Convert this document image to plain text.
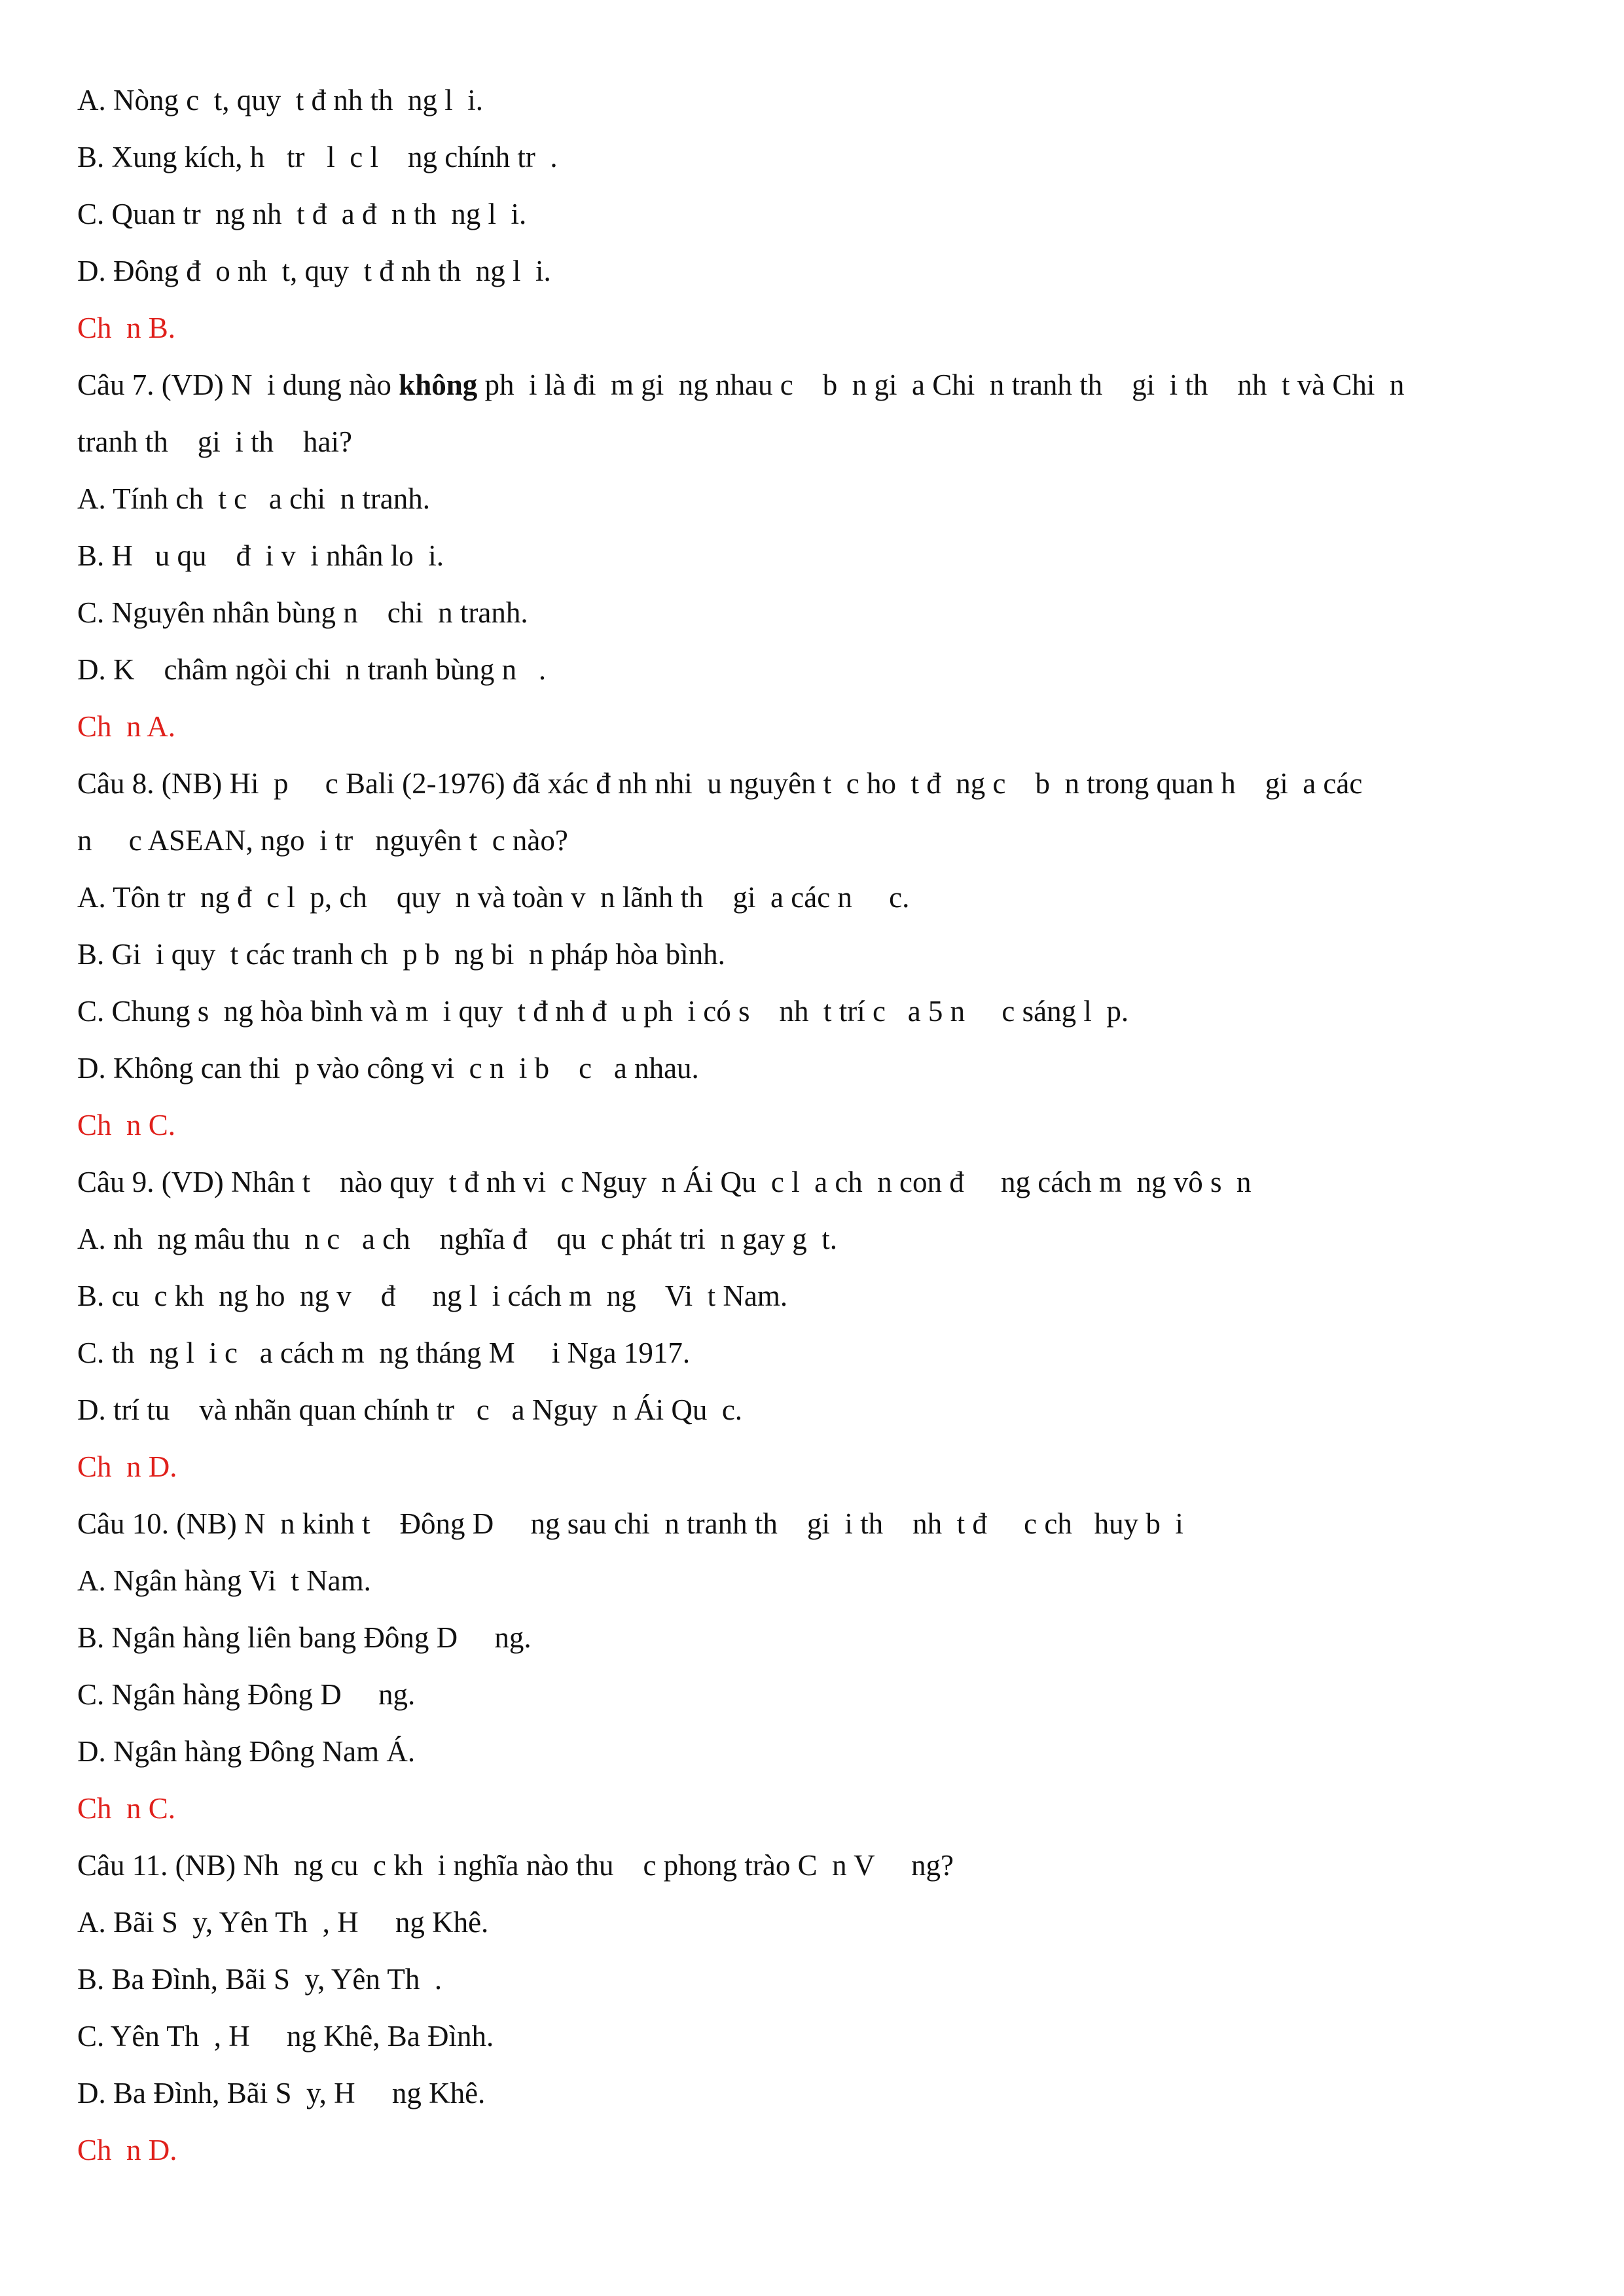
A. Nòng c  t, quy  t đ nh th  ng l  i.

B. Xung kích, h   tr   l  c l    ng chính tr  .

C. Quan tr  ng nh  t đ  a đ  n th  ng l  i.

D. Đông đ  o nh  t, quy  t đ nh th  ng l  i.

Ch  n B.

Câu 7. (VD) N  i dung nào không ph  i là đi  m gi  ng nhau c    b  n gi  a Chi  n tranh th    gi  i th    nh  t và Chi  n

tranh th    gi  i th    hai?

A. Tính ch  t c   a chi  n tranh.

B. H   u qu    đ  i v  i nhân lo  i.

C. Nguyên nhân bùng n    chi  n tranh.

D. K    châm ngòi chi  n tranh bùng n   .

Ch  n A.

Câu 8. (NB) Hi  p     c Bali (2-1976) đã xác đ nh nhi  u nguyên t  c ho  t đ  ng c    b  n trong quan h    gi  a các

n     c ASEAN, ngo  i tr   nguyên t  c nào?

A. Tôn tr  ng đ  c l  p, ch    quy  n và toàn v  n lãnh th    gi  a các n     c.

B. Gi  i quy  t các tranh ch  p b  ng bi  n pháp hòa bình.

C. Chung s  ng hòa bình và m  i quy  t đ nh đ  u ph  i có s    nh  t trí c   a 5 n     c sáng l  p.

D. Không can thi  p vào công vi  c n  i b    c   a nhau.

Ch  n C.

Câu 9. (VD) Nhân t    nào quy  t đ nh vi  c Nguy  n Ái Qu  c l  a ch  n con đ     ng cách m  ng vô s  n

A. nh  ng mâu thu  n c   a ch    nghĩa đ    qu  c phát tri  n gay g  t.

B. cu  c kh  ng ho  ng v    đ     ng l  i cách m  ng    Vi  t Nam.

C. th  ng l  i c   a cách m  ng tháng M     i Nga 1917.

D. trí tu    và nhãn quan chính tr   c   a Nguy  n Ái Qu  c.

Ch  n D.

Câu 10. (NB) N  n kinh t    Đông D     ng sau chi  n tranh th    gi  i th    nh  t đ     c ch   huy b  i

A. Ngân hàng Vi  t Nam.

B. Ngân hàng liên bang Đông D     ng.

C. Ngân hàng Đông D     ng.

D. Ngân hàng Đông Nam Á.

Ch  n C.

Câu 11. (NB) Nh  ng cu  c kh  i nghĩa nào thu    c phong trào C  n V     ng?

A. Bãi S  y, Yên Th  , H     ng Khê.

B. Ba Đình, Bãi S  y, Yên Th  .

C. Yên Th  , H     ng Khê, Ba Đình.

D. Ba Đình, Bãi S  y, H     ng Khê.

Ch  n D.
